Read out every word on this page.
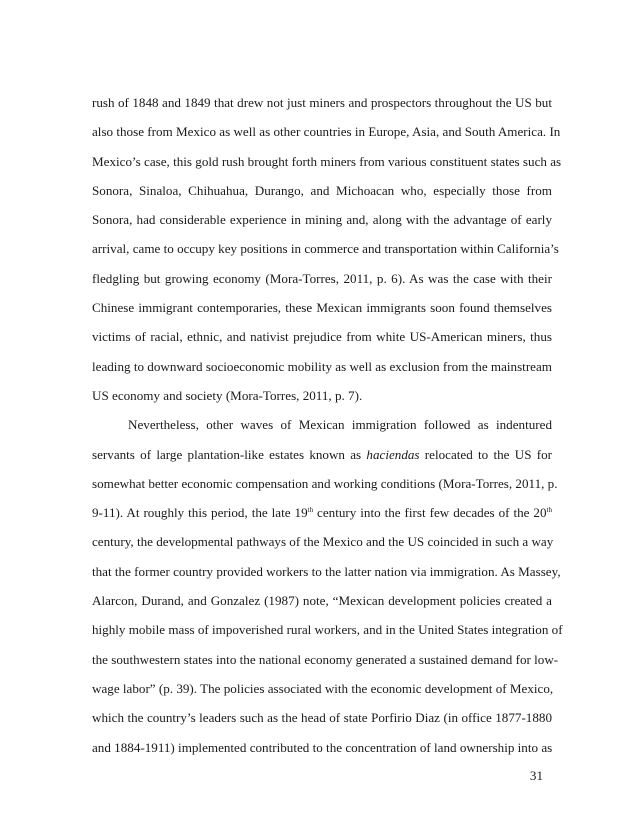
rush of 1848 and 1849 that drew not just miners and prospectors throughout the US but
also those from Mexico as well as other countries in Europe, Asia, and South America. In
Mexico’s case, this gold rush brought forth miners from various constituent states such as
Sonora, Sinaloa, Chihuahua, Durango, and Michoacan who, especially those from
Sonora, had considerable experience in mining and, along with the advantage of early
arrival, came to occupy key positions in commerce and transportation within California’s
fledgling but growing economy (Mora-Torres, 2011, p. 6). As was the case with their
Chinese immigrant contemporaries, these Mexican immigrants soon found themselves
victims of racial, ethnic, and nativist prejudice from white US-American miners, thus
leading to downward socioeconomic mobility as well as exclusion from the mainstream
US economy and society (Mora-Torres, 2011, p. 7).
Nevertheless, other waves of Mexican immigration followed as indentured
servants of large plantation-like estates known as haciendas relocated to the US for
somewhat better economic compensation and working conditions (Mora-Torres, 2011, p.
9-11). At roughly this period, the late 19th century into the first few decades of the 20th
century, the developmental pathways of the Mexico and the US coincided in such a way
that the former country provided workers to the latter nation via immigration. As Massey,
Alarcon, Durand, and Gonzalez (1987) note, “Mexican development policies created a
highly mobile mass of impoverished rural workers, and in the United States integration of
the southwestern states into the national economy generated a sustained demand for low-
wage labor” (p. 39). The policies associated with the economic development of Mexico,
which the country’s leaders such as the head of state Porfirio Diaz (in office 1877-1880
and 1884-1911) implemented contributed to the concentration of land ownership into as
31
